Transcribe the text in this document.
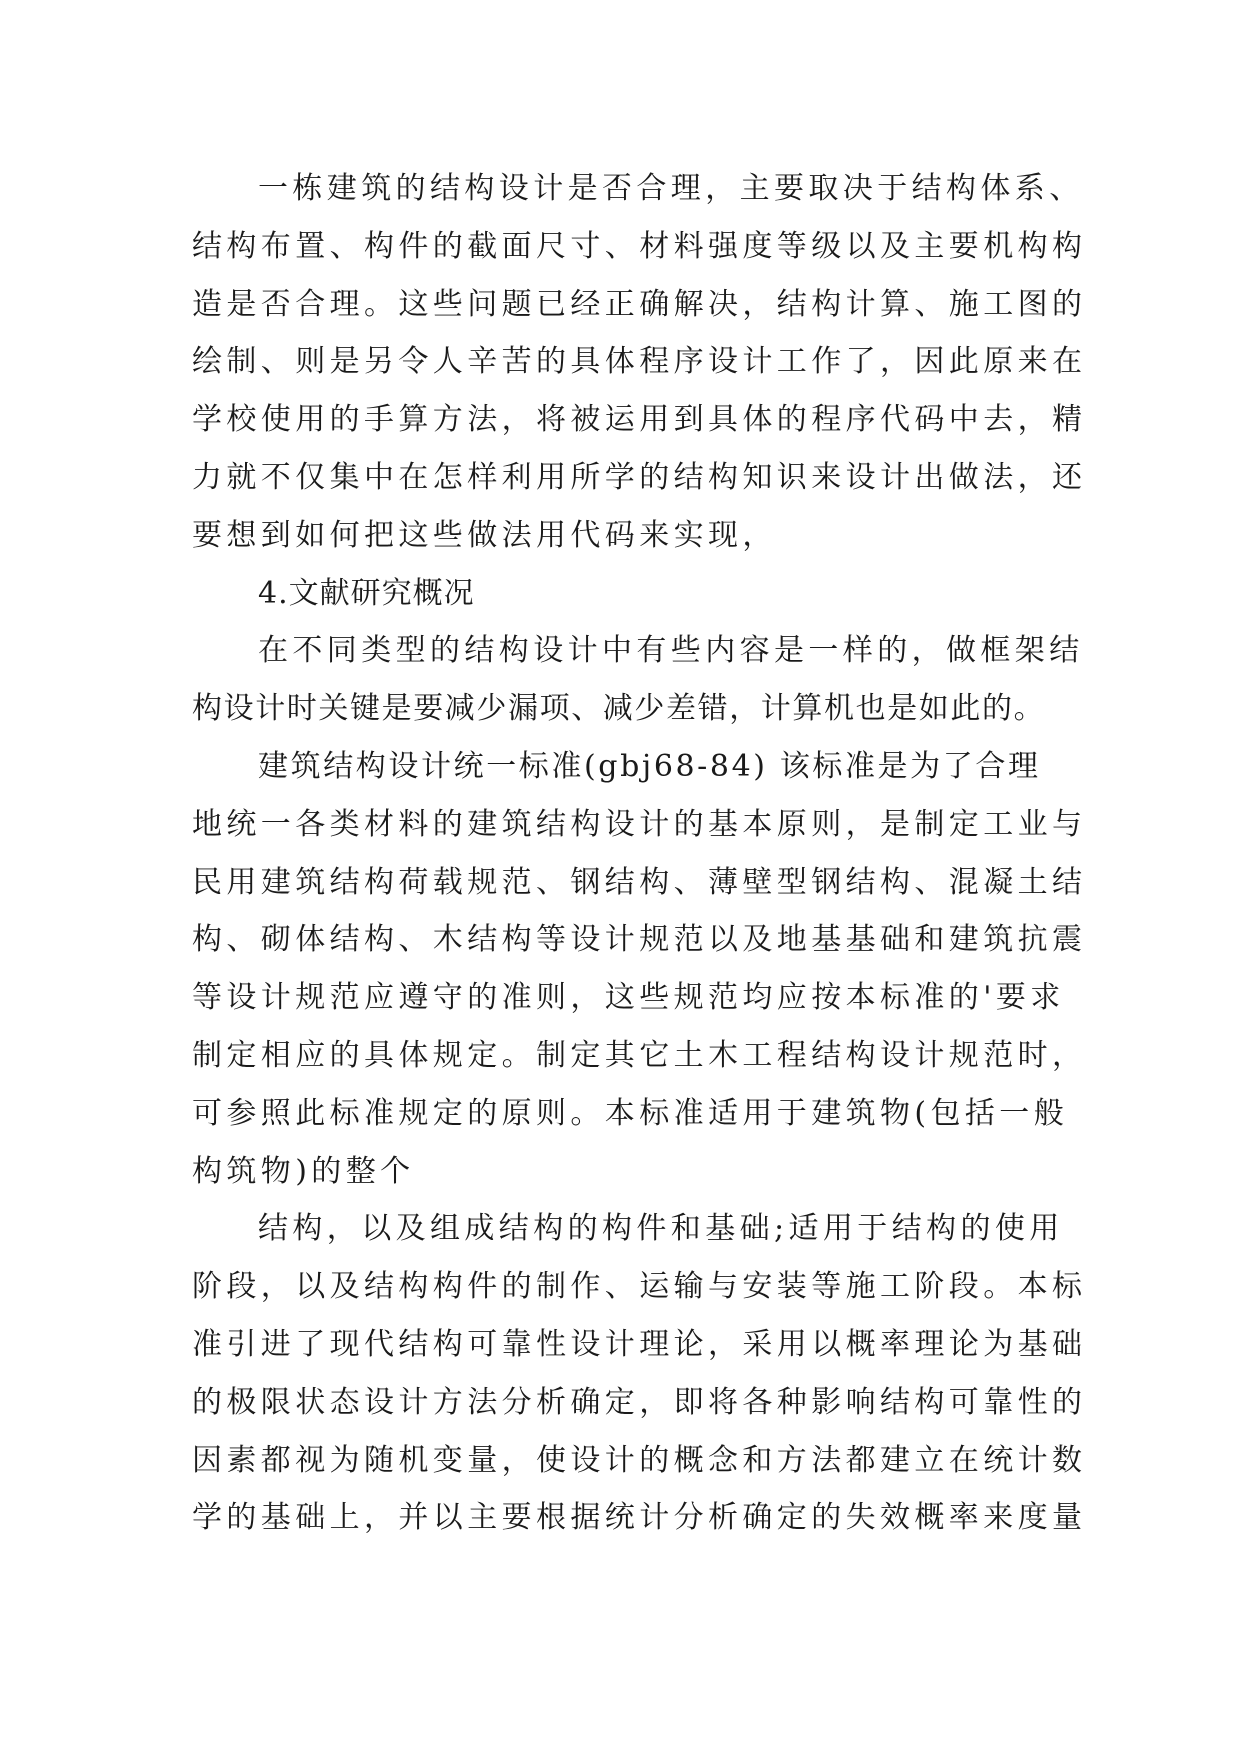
一栋建筑的结构设计是否合理，主要取决于结构体系、
结构布置、构件的截面尺寸、材料强度等级以及主要机构构
造是否合理。这些问题已经正确解决，结构计算、施工图的
绘制、则是另令人辛苦的具体程序设计工作了，因此原来在
学校使用的手算方法，将被运用到具体的程序代码中去，精
力就不仅集中在怎样利用所学的结构知识来设计出做法，还
要想到如何把这些做法用代码来实现，
4.文献研究概况
在不同类型的结构设计中有些内容是一样的，做框架结
构设计时关键是要减少漏项、减少差错，计算机也是如此的。
建筑结构设计统一标准(gbj68-84) 该标准是为了合理
地统一各类材料的建筑结构设计的基本原则，是制定工业与
民用建筑结构荷载规范、钢结构、薄壁型钢结构、混凝土结
构、砌体结构、木结构等设计规范以及地基基础和建筑抗震
等设计规范应遵守的准则，这些规范均应按本标准的'要求
制定相应的具体规定。制定其它土木工程结构设计规范时，
可参照此标准规定的原则。本标准适用于建筑物(包括一般
构筑物)的整个
结构，以及组成结构的构件和基础;适用于结构的使用
阶段，以及结构构件的制作、运输与安装等施工阶段。本标
准引进了现代结构可靠性设计理论，采用以概率理论为基础
的极限状态设计方法分析确定，即将各种影响结构可靠性的
因素都视为随机变量，使设计的概念和方法都建立在统计数
学的基础上，并以主要根据统计分析确定的失效概率来度量
